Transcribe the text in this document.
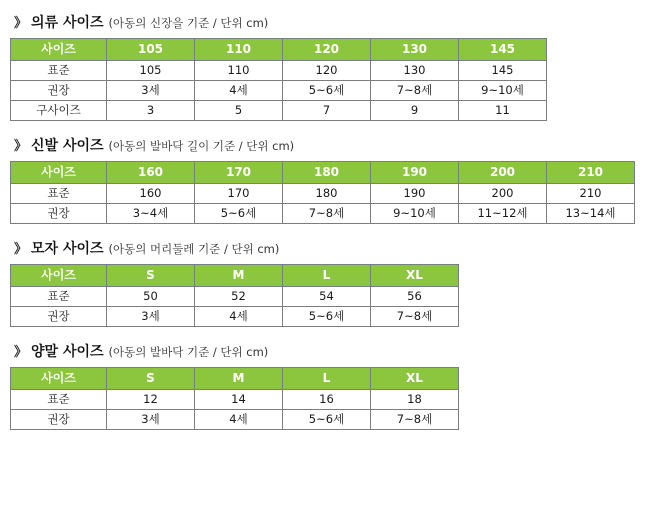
》 의류 사이즈 (아동의 신장을 기준 / 단위 cm)
사이즈	105	110	120	130	145
표준	105	110	120	130	145
권장	3세	4세	5~6세	7~8세	9~10세
구사이즈	3	5	7	9	11
》 신발 사이즈 (아동의 발바닥 길이 기준 / 단위 cm)
사이즈	160	170	180	190	200	210
표준	160	170	180	190	200	210
권장	3~4세	5~6세	7~8세	9~10세	11~12세	13~14세
》 모자 사이즈 (아동의 머리둘레 기준 / 단위 cm)
사이즈	S	M	L	XL
표준	50	52	54	56
권장	3세	4세	5~6세	7~8세
》 양말 사이즈 (아동의 발바닥 기준 / 단위 cm)
사이즈	S	M	L	XL
표준	12	14	16	18
권장	3세	4세	5~6세	7~8세
